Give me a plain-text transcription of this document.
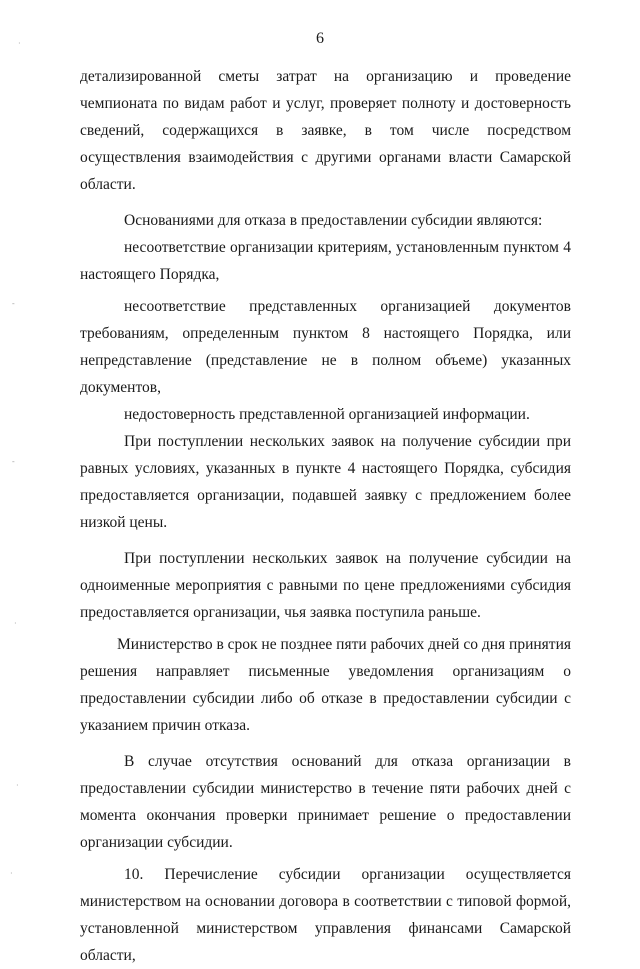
·
-
-
·
·
·
6

детализированной сметы затрат на организацию и проведение чемпионата по видам работ и услуг, проверяет полноту и достоверность сведений, содержащихся в заявке, в том числе посредством осуществления взаимодействия с другими органами власти Самарской области.

Основаниями для отказа в предоставлении субсидии являются:

несоответствие организации критериям, установленным пунктом 4 настоящего Порядка,

несоответствие представленных организацией документов требованиям, определенным пунктом 8 настоящего Порядка, или непредставление (представление не в полном объеме) указанных документов,

недостоверность представленной организацией информации.

При поступлении нескольких заявок на получение субсидии при равных условиях, указанных в пункте 4 настоящего Порядка, субсидия предоставляется организации, подавшей заявку с предложением более низкой цены.

При поступлении нескольких заявок на получение субсидии на одноименные мероприятия с равными по цене предложениями субсидия предоставляется организации, чья заявка поступила раньше.

Министерство в срок не позднее пяти рабочих дней со дня принятия решения направляет письменные уведомления организациям о предоставлении субсидии либо об отказе в предоставлении субсидии с указанием причин отказа.

В случае отсутствия оснований для отказа организации в предоставлении субсидии министерство в течение пяти рабочих дней с момента окончания проверки принимает решение о предоставлении организации субсидии.

10. Перечисление субсидии организации осуществляется министерством на основании договора в соответствии с типовой формой, установленной министерством управления финансами Самарской области,
